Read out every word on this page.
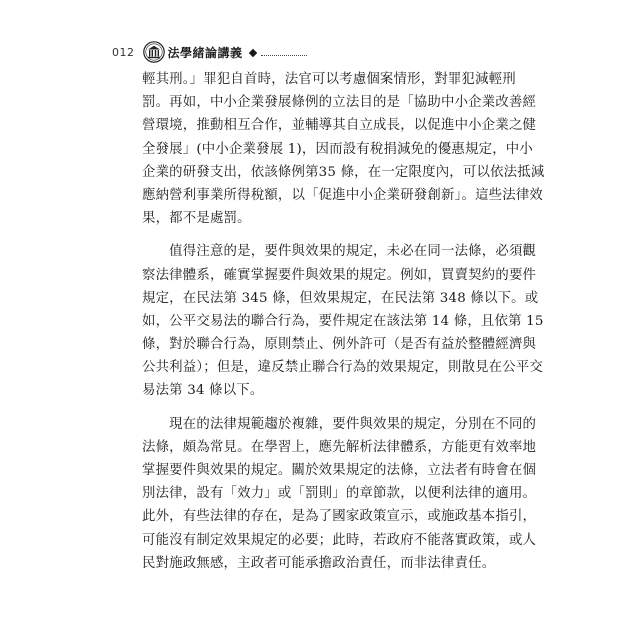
012	法學緒論講義
輕其刑。」罪犯自首時，法官可以考慮個案情形，對罪犯減輕刑
罰。再如，中小企業發展條例的立法目的是「協助中小企業改善經
營環境，推動相互合作，並輔導其自立成長，以促進中小企業之健
全發展」(中小企業發展 1)，因而設有稅捐減免的優惠規定，中小
企業的研發支出，依該條例第35 條，在一定限度內，可以依法抵減
應納營利事業所得稅額，以「促進中小企業研發創新」。這些法律效
果，都不是處罰。
　　值得注意的是，要件與效果的規定，未必在同一法條，必須觀
察法律體系，確實掌握要件與效果的規定。例如，買賣契約的要件
規定，在民法第 345 條，但效果規定，在民法第 348 條以下。或
如，公平交易法的聯合行為，要件規定在該法第 14 條，且依第 15
條，對於聯合行為，原則禁止、例外許可（是否有益於整體經濟與
公共利益）；但是，違反禁止聯合行為的效果規定，則散見在公平交
易法第 34 條以下。
　　現在的法律規範趨於複雜，要件與效果的規定，分別在不同的
法條，頗為常見。在學習上，應先解析法律體系，方能更有效率地
掌握要件與效果的規定。關於效果規定的法條，立法者有時會在個
別法律，設有「效力」或「罰則」的章節款，以便利法律的適用。
此外，有些法律的存在，是為了國家政策宣示，或施政基本指引，
可能沒有制定效果規定的必要；此時，若政府不能落實政策，或人
民對施政無感，主政者可能承擔政治責任，而非法律責任。
